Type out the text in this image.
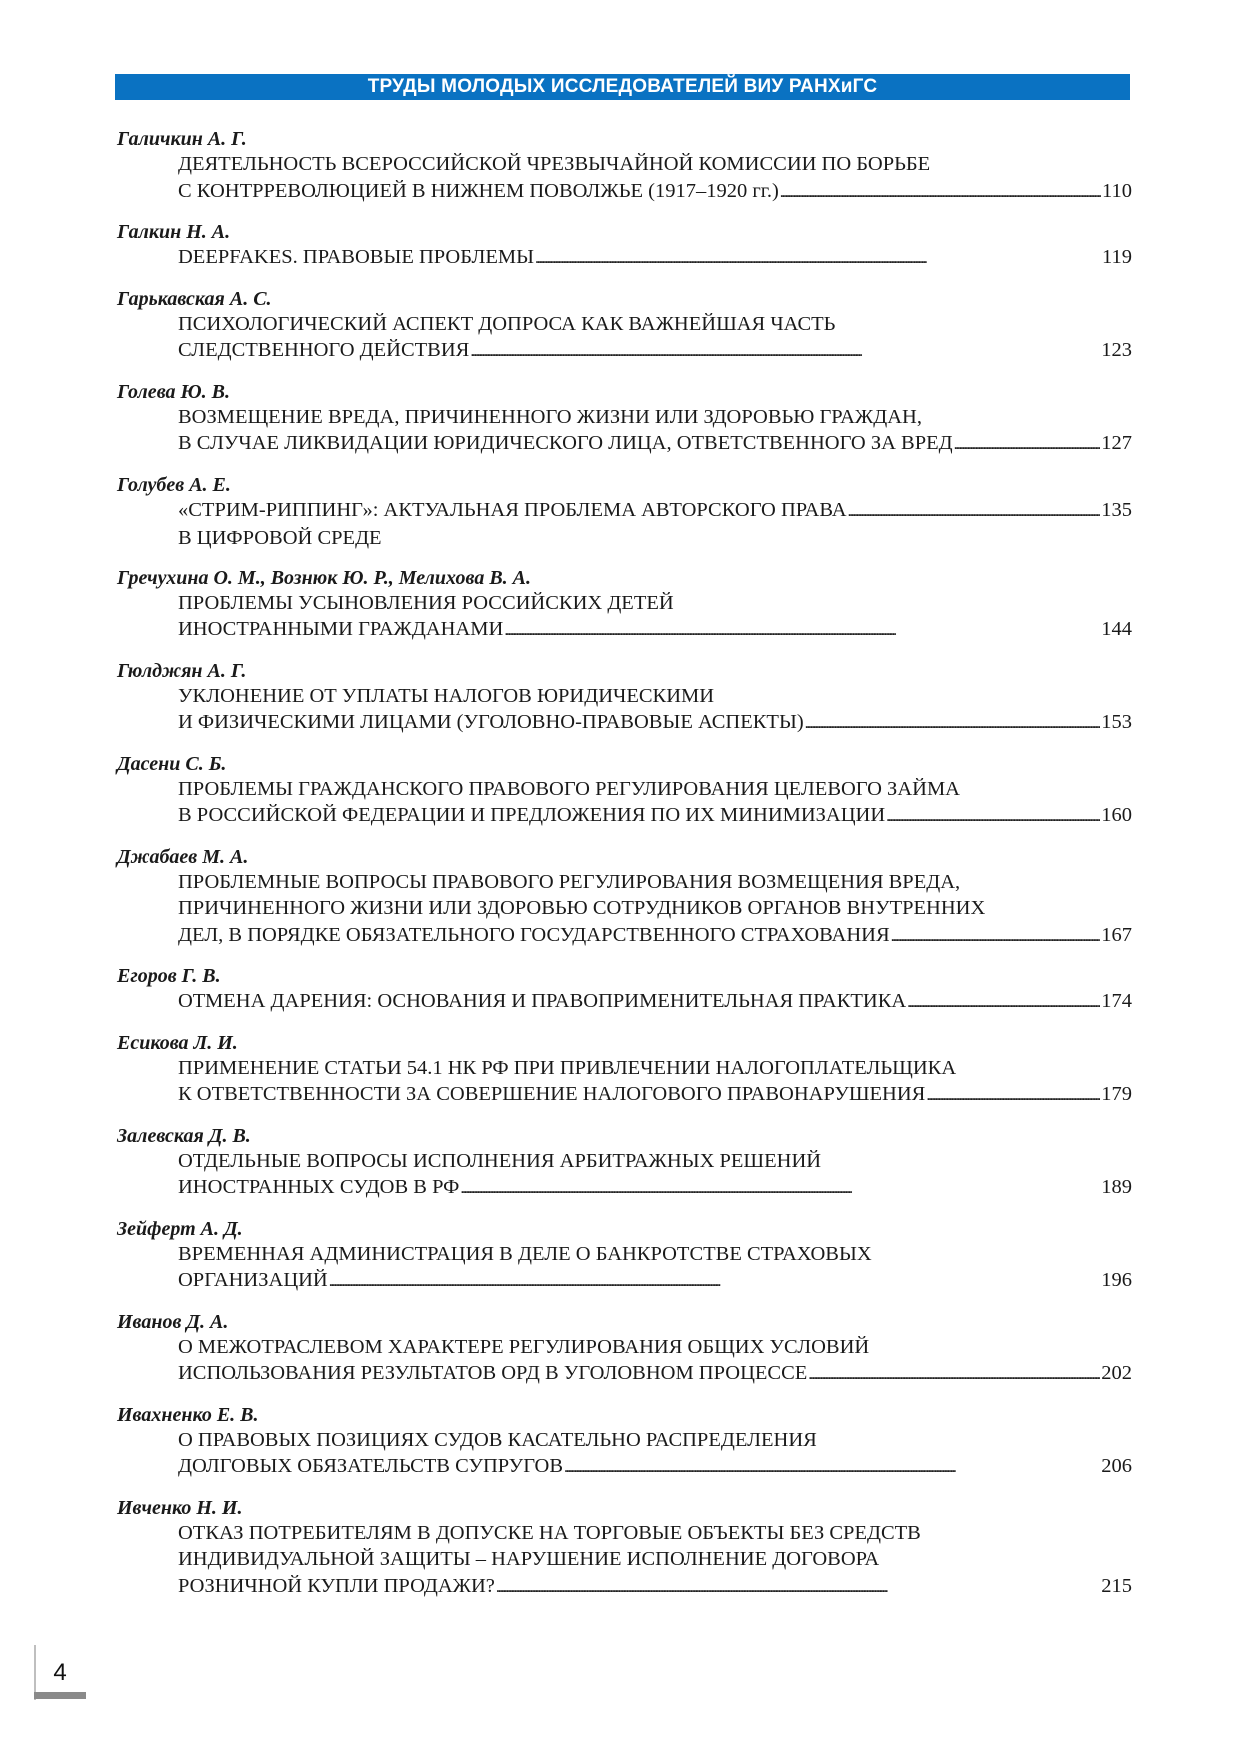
ТРУДЫ МОЛОДЫХ ИССЛЕДОВАТЕЛЕЙ ВИУ РАНХиГС
Галичкин А. Г.
ДЕЯТЕЛЬНОСТЬ ВСЕРОССИЙСКОЙ ЧРЕЗВЫЧАЙНОЙ КОМИССИИ ПО БОРЬБЕ
С КОНТРРЕВОЛЮЦИЕЙ В НИЖНЕМ ПОВОЛЖЬЕ (1917–1920 гг.) . . .	110
Галкин Н. А.
DEEPFAKES. ПРАВОВЫЕ ПРОБЛЕМЫ . . .	119
Гарькавская А. С.
ПСИХОЛОГИЧЕСКИЙ АСПЕКТ ДОПРОСА КАК ВАЖНЕЙШАЯ ЧАСТЬ
СЛЕДСТВЕННОГО ДЕЙСТВИЯ . . .	123
Голева Ю. В.
ВОЗМЕЩЕНИЕ ВРЕДА, ПРИЧИНЕННОГО ЖИЗНИ ИЛИ ЗДОРОВЬЮ ГРАЖДАН,
В СЛУЧАЕ ЛИКВИДАЦИИ ЮРИДИЧЕСКОГО ЛИЦА, ОТВЕТСТВЕННОГО ЗА ВРЕД . . .	127
Голубев А. Е.
«СТРИМ-РИППИНГ»: АКТУАЛЬНАЯ ПРОБЛЕМА АВТОРСКОГО ПРАВА . . .	135
В ЦИФРОВОЙ СРЕДЕ
Гречухина О. М., Вознюк Ю. Р., Мелихова В. А.
ПРОБЛЕМЫ УСЫНОВЛЕНИЯ РОССИЙСКИХ ДЕТЕЙ
ИНОСТРАННЫМИ ГРАЖДАНАМИ . . .	144
Гюлджян А. Г.
УКЛОНЕНИЕ ОТ УПЛАТЫ НАЛОГОВ ЮРИДИЧЕСКИМИ
И ФИЗИЧЕСКИМИ ЛИЦАМИ (УГОЛОВНО-ПРАВОВЫЕ АСПЕКТЫ) . . .	153
Дасени С. Б.
ПРОБЛЕМЫ ГРАЖДАНСКОГО ПРАВОВОГО РЕГУЛИРОВАНИЯ ЦЕЛЕВОГО ЗАЙМА
В РОССИЙСКОЙ ФЕДЕРАЦИИ И ПРЕДЛОЖЕНИЯ ПО ИХ МИНИМИЗАЦИИ . . .	160
Джабаев М. А.
ПРОБЛЕМНЫЕ ВОПРОСЫ ПРАВОВОГО РЕГУЛИРОВАНИЯ ВОЗМЕЩЕНИЯ ВРЕДА,
ПРИЧИНЕННОГО ЖИЗНИ ИЛИ ЗДОРОВЬЮ СОТРУДНИКОВ ОРГАНОВ ВНУТРЕННИХ
ДЕЛ, В ПОРЯДКЕ ОБЯЗАТЕЛЬНОГО ГОСУДАРСТВЕННОГО СТРАХОВАНИЯ . . .	167
Егоров Г. В.
ОТМЕНА ДАРЕНИЯ: ОСНОВАНИЯ И ПРАВОПРИМЕНИТЕЛЬНАЯ ПРАКТИКА . . .	174
Есикова Л. И.
ПРИМЕНЕНИЕ СТАТЬИ 54.1 НК РФ ПРИ ПРИВЛЕЧЕНИИ НАЛОГОПЛАТЕЛЬЩИКА
К ОТВЕТСТВЕННОСТИ ЗА СОВЕРШЕНИЕ НАЛОГОВОГО ПРАВОНАРУШЕНИЯ . . .	179
Залевская Д. В.
ОТДЕЛЬНЫЕ ВОПРОСЫ ИСПОЛНЕНИЯ АРБИТРАЖНЫХ РЕШЕНИЙ
ИНОСТРАННЫХ СУДОВ В РФ . . .	189
Зейферт А. Д.
ВРЕМЕННАЯ АДМИНИСТРАЦИЯ В ДЕЛЕ О БАНКРОТСТВЕ СТРАХОВЫХ
ОРГАНИЗАЦИЙ . . .	196
Иванов Д. А.
О МЕЖОТРАСЛЕВОМ ХАРАКТЕРЕ РЕГУЛИРОВАНИЯ ОБЩИХ УСЛОВИЙ
ИСПОЛЬЗОВАНИЯ РЕЗУЛЬТАТОВ ОРД В УГОЛОВНОМ ПРОЦЕССЕ . . .	202
Ивахненко Е. В.
О ПРАВОВЫХ ПОЗИЦИЯХ СУДОВ КАСАТЕЛЬНО РАСПРЕДЕЛЕНИЯ
ДОЛГОВЫХ ОБЯЗАТЕЛЬСТВ СУПРУГОВ . . .	206
Ивченко Н. И.
ОТКАЗ ПОТРЕБИТЕЛЯМ В ДОПУСКЕ НА ТОРГОВЫЕ ОБЪЕКТЫ БЕЗ СРЕДСТВ
ИНДИВИДУАЛЬНОЙ ЗАЩИТЫ – НАРУШЕНИЕ ИСПОЛНЕНИЕ ДОГОВОРА
РОЗНИЧНОЙ КУПЛИ ПРОДАЖИ? . . .	215
4
